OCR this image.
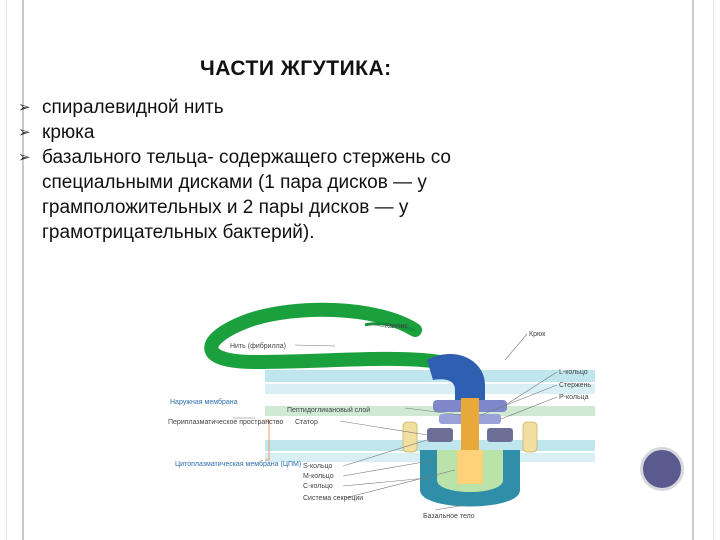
ЧАСТИ ЖГУТИКА:
➢ спиралевидной нить
➢ крюка
➢ базального тельца- содержащего стержень со
специальными дисками (1 пара дисков — у
грамположительных и 2 пары дисков — у
грамотрицательных бактерий).
Канчик
Нить (фибрилла)
Крюк
L-кольцо
Стержень
P-кольца
Наружная мембрана
Пептидогликановый слой
Статор
Периплазматическое пространство
Цитоплазматическая мембрана (ЦПМ) S-кольцо
M-кольцо
C-кольцо
Система секреции
Базальное тело
